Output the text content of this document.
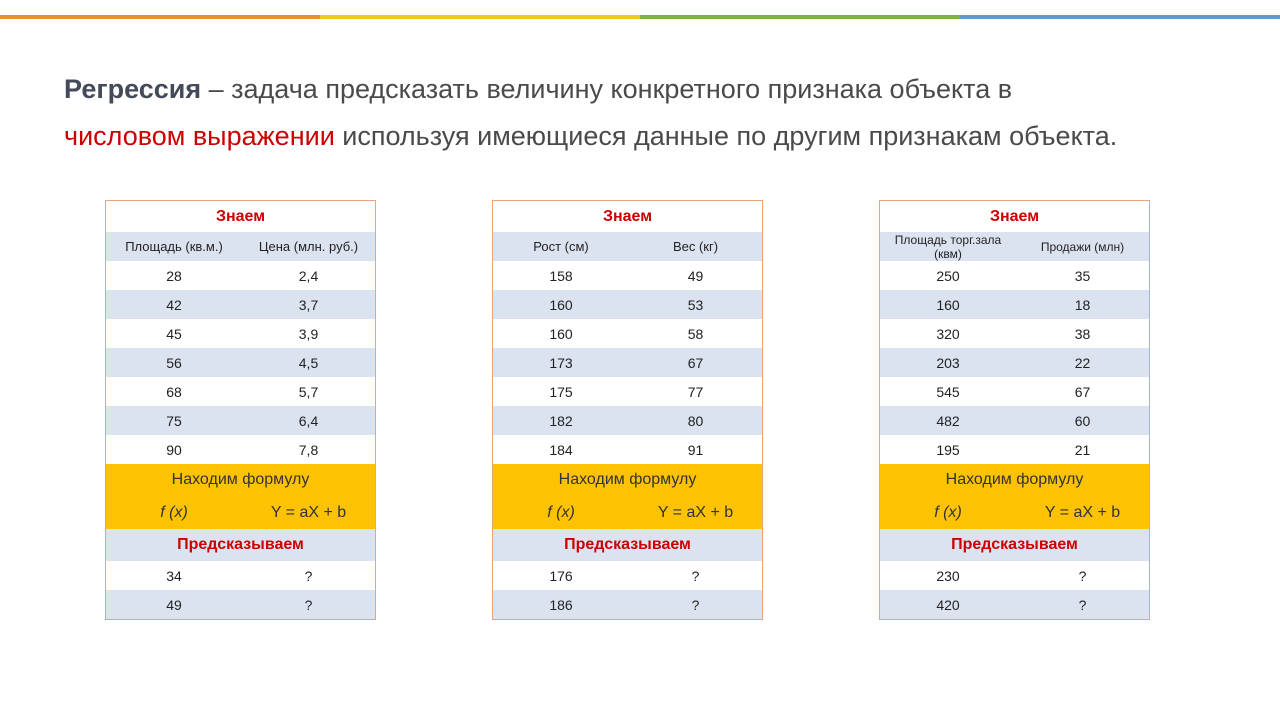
Регрессия – задача предсказать величину конкретного признака объекта в
числовом выражении используя имеющиеся данные по другим признакам объекта.
Знаем
Площадь (кв.м.)	Цена (млн. руб.)
28	2,4
42	3,7
45	3,9
56	4,5
68	5,7
75	6,4
90	7,8
Находим формулу
f (x)	Y = aX + b
Предсказываем
34	?
49	?
Знаем
Рост (см)	Вес (кг)
158	49
160	53
160	58
173	67
175	77
182	80
184	91
Находим формулу
f (x)	Y = aX + b
Предсказываем
176	?
186	?
Знаем
Площадь торг.зала (квм)	Продажи (млн)
250	35
160	18
320	38
203	22
545	67
482	60
195	21
Находим формулу
f (x)	Y = aX + b
Предсказываем
230	?
420	?
